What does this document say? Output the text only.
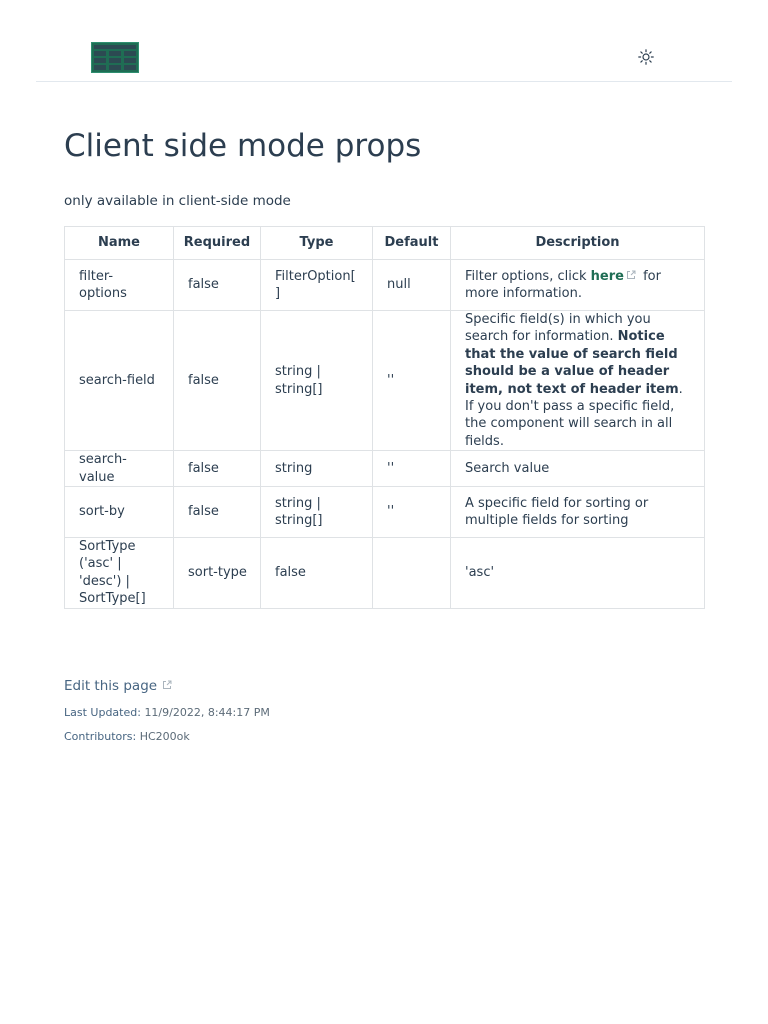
Client side mode props

only available in client-side mode

Name	Required	Type	Default	Description
filter-options	false	FilterOption[]	null	Filter options, click here for more information.
search-field	false	string | string[]	''	Specific field(s) in which you search for information. Notice that the value of search field should be a value of header item, not text of header item. If you don't pass a specific field, the component will search in all fields.
search-value	false	string	''	Search value
sort-by	false	string | string[]	''	A specific field for sorting or multiple fields for sorting
SortType ('asc' | 'desc') | SortType[]	sort-type	false		'asc'
Edit this page
Last Updated: 11/9/2022, 8:44:17 PM
Contributors: HC200ok
